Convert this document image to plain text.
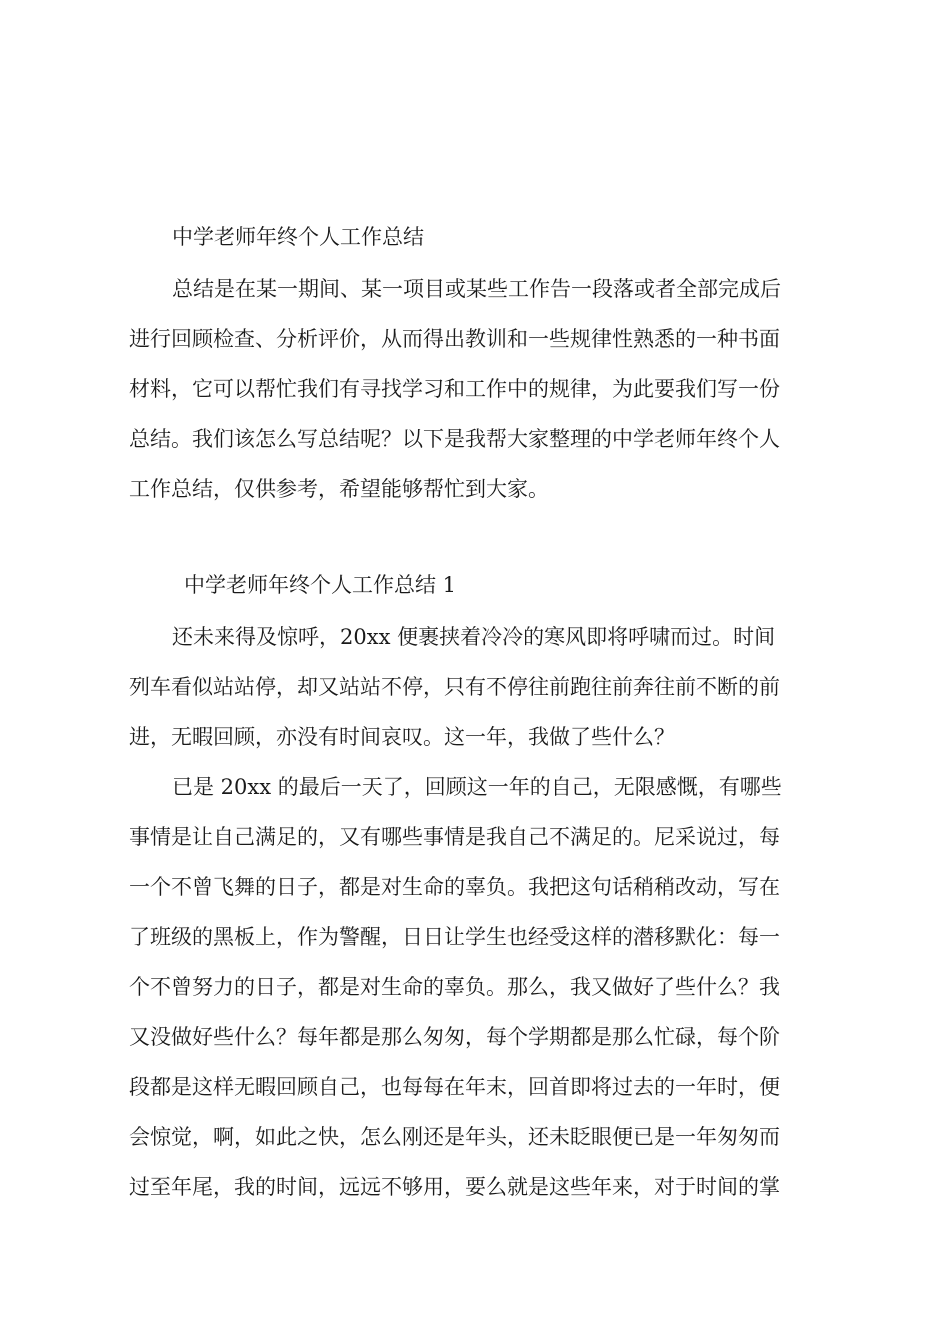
中学老师年终个人工作总结
总结是在某一期间、某一项目或某些工作告一段落或者全部完成后
进行回顾检查、分析评价，从而得出教训和一些规律性熟悉的一种书面
材料，它可以帮忙我们有寻找学习和工作中的规律，为此要我们写一份
总结。我们该怎么写总结呢？以下是我帮大家整理的中学老师年终个人
工作总结，仅供参考，希望能够帮忙到大家。
中学老师年终个人工作总结 1
还未来得及惊呼，20xx 便裹挟着冷冷的寒风即将呼啸而过。时间
列车看似站站停，却又站站不停，只有不停往前跑往前奔往前不断的前
进，无暇回顾，亦没有时间哀叹。这一年，我做了些什么？
已是 20xx 的最后一天了，回顾这一年的自己，无限感慨，有哪些
事情是让自己满足的，又有哪些事情是我自己不满足的。尼采说过，每
一个不曾飞舞的日子，都是对生命的辜负。我把这句话稍稍改动，写在
了班级的黑板上，作为警醒，日日让学生也经受这样的潜移默化：每一
个不曾努力的日子，都是对生命的辜负。那么，我又做好了些什么？我
又没做好些什么？每年都是那么匆匆，每个学期都是那么忙碌，每个阶
段都是这样无暇回顾自己，也每每在年末，回首即将过去的一年时，便
会惊觉，啊，如此之快，怎么刚还是年头，还未眨眼便已是一年匆匆而
过至年尾，我的时间，远远不够用，要么就是这些年来，对于时间的掌
